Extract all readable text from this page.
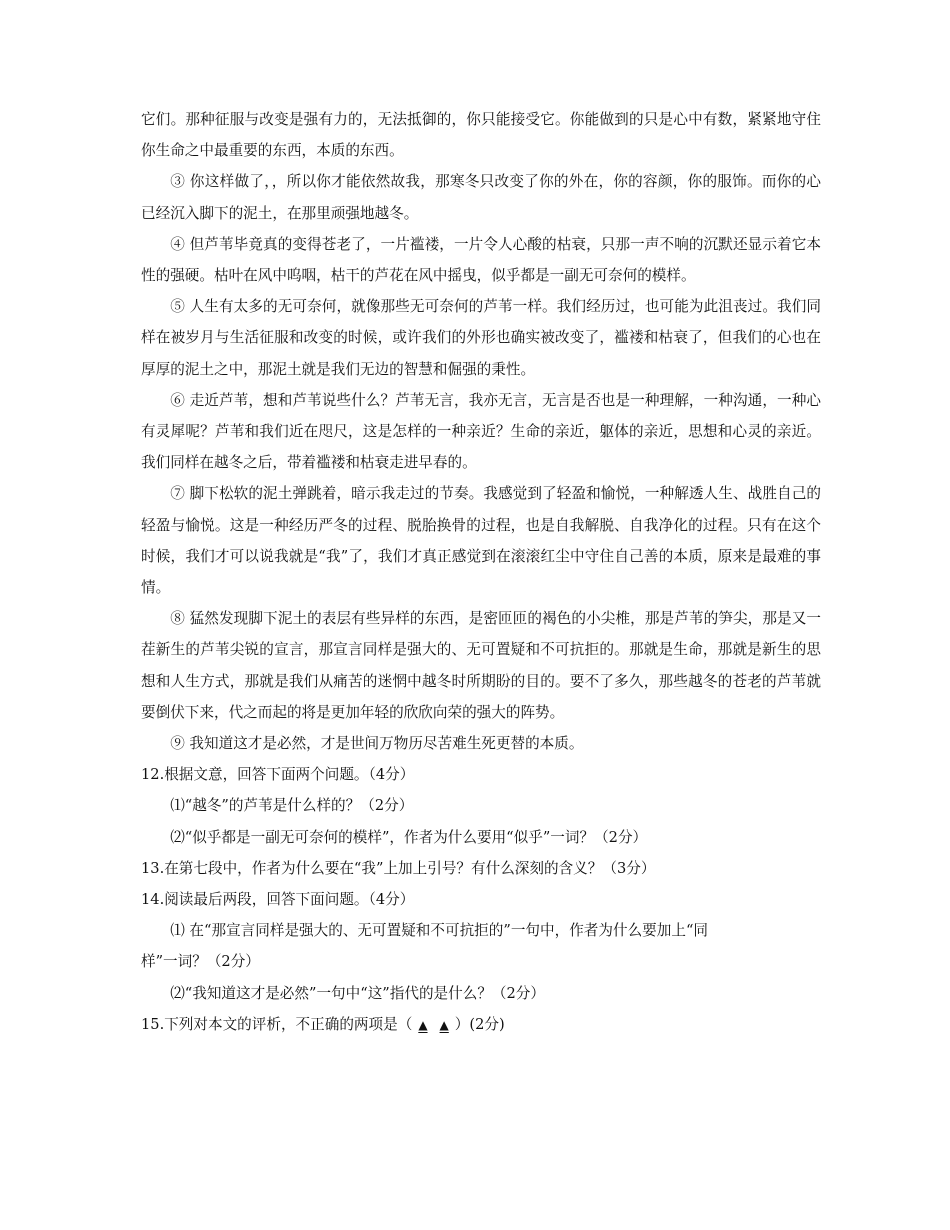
它们。那种征服与改变是强有力的，无法抵御的，你只能接受它。你能做到的只是心中有数，紧紧地守住你生命之中最重要的东西，本质的东西。

③ 你这样做了，，所以你才能依然故我，那寒冬只改变了你的外在，你的容颜，你的服饰。而你的心已经沉入脚下的泥土，在那里顽强地越冬。

④ 但芦苇毕竟真的变得苍老了，一片褴褛，一片令人心酸的枯衰，只那一声不响的沉默还显示着它本性的强硬。枯叶在风中呜咽，枯干的芦花在风中摇曳，似乎都是一副无可奈何的模样。

⑤ 人生有太多的无可奈何，就像那些无可奈何的芦苇一样。我们经历过，也可能为此沮丧过。我们同样在被岁月与生活征服和改变的时候，或许我们的外形也确实被改变了，褴褛和枯衰了，但我们的心也在厚厚的泥土之中，那泥土就是我们无边的智慧和倔强的秉性。

⑥ 走近芦苇，想和芦苇说些什么？芦苇无言，我亦无言，无言是否也是一种理解，一种沟通，一种心有灵犀呢？芦苇和我们近在咫尺，这是怎样的一种亲近？生命的亲近，躯体的亲近，思想和心灵的亲近。我们同样在越冬之后，带着褴褛和枯衰走进早春的。

⑦ 脚下松软的泥土弹跳着，暗示我走过的节奏。我感觉到了轻盈和愉悦，一种解透人生、战胜自己的轻盈与愉悦。这是一种经历严冬的过程、脱胎换骨的过程，也是自我解脱、自我净化的过程。只有在这个时候，我们才可以说我就是“我”了，我们才真正感觉到在滚滚红尘中守住自己善的本质，原来是最难的事情。

⑧ 猛然发现脚下泥土的表层有些异样的东西，是密匝匝的褐色的小尖椎，那是芦苇的笋尖，那是又一茬新生的芦苇尖锐的宣言，那宣言同样是强大的、无可置疑和不可抗拒的。那就是生命，那就是新生的思想和人生方式，那就是我们从痛苦的迷惘中越冬时所期盼的目的。要不了多久，那些越冬的苍老的芦苇就要倒伏下来，代之而起的将是更加年轻的欣欣向荣的强大的阵势。

⑨ 我知道这才是必然，才是世间万物历尽苦难生死更替的本质。

12.根据文意，回答下面两个问题。（4分）

⑴“越冬”的芦苇是什么样的？（2分）

⑵“似乎都是一副无可奈何的模样”，作者为什么要用“似乎”一词？（2分）

13.在第七段中，作者为什么要在“我”上加上引号？有什么深刻的含义？（3分）

14.阅读最后两段，回答下面问题。（4分）

⑴ 在“那宣言同样是强大的、无可置疑和不可抗拒的”一句中，作者为什么要加上“同
样”一词？（2分）

⑵“我知道这才是必然”一句中“这”指代的是什么？（2分）

15.下列对本文的评析，不正确的两项是（ ▲ ▲ ）(2分)
